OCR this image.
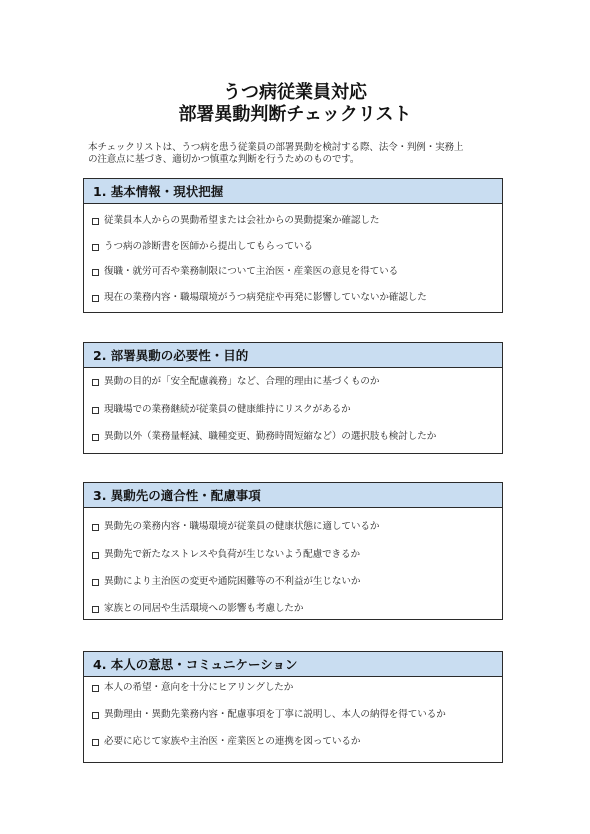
うつ病従業員対応
部署異動判断チェックリスト
本チェックリストは、うつ病を患う従業員の部署異動を検討する際、法令・判例・実務上
の注意点に基づき、適切かつ慎重な判断を行うためのものです。
1. 基本情報・現状把握
従業員本人からの異動希望または会社からの異動提案か確認した
うつ病の診断書を医師から提出してもらっている
復職・就労可否や業務制限について主治医・産業医の意見を得ている
現在の業務内容・職場環境がうつ病発症や再発に影響していないか確認した
2. 部署異動の必要性・目的
異動の目的が「安全配慮義務」など、合理的理由に基づくものか
現職場での業務継続が従業員の健康維持にリスクがあるか
異動以外（業務量軽減、職種変更、勤務時間短縮など）の選択肢も検討したか
3. 異動先の適合性・配慮事項
異動先の業務内容・職場環境が従業員の健康状態に適しているか
異動先で新たなストレスや負荷が生じないよう配慮できるか
異動により主治医の変更や通院困難等の不利益が生じないか
家族との同居や生活環境への影響も考慮したか
4. 本人の意思・コミュニケーション
本人の希望・意向を十分にヒアリングしたか
異動理由・異動先業務内容・配慮事項を丁寧に説明し、本人の納得を得ているか
必要に応じて家族や主治医・産業医との連携を図っているか
